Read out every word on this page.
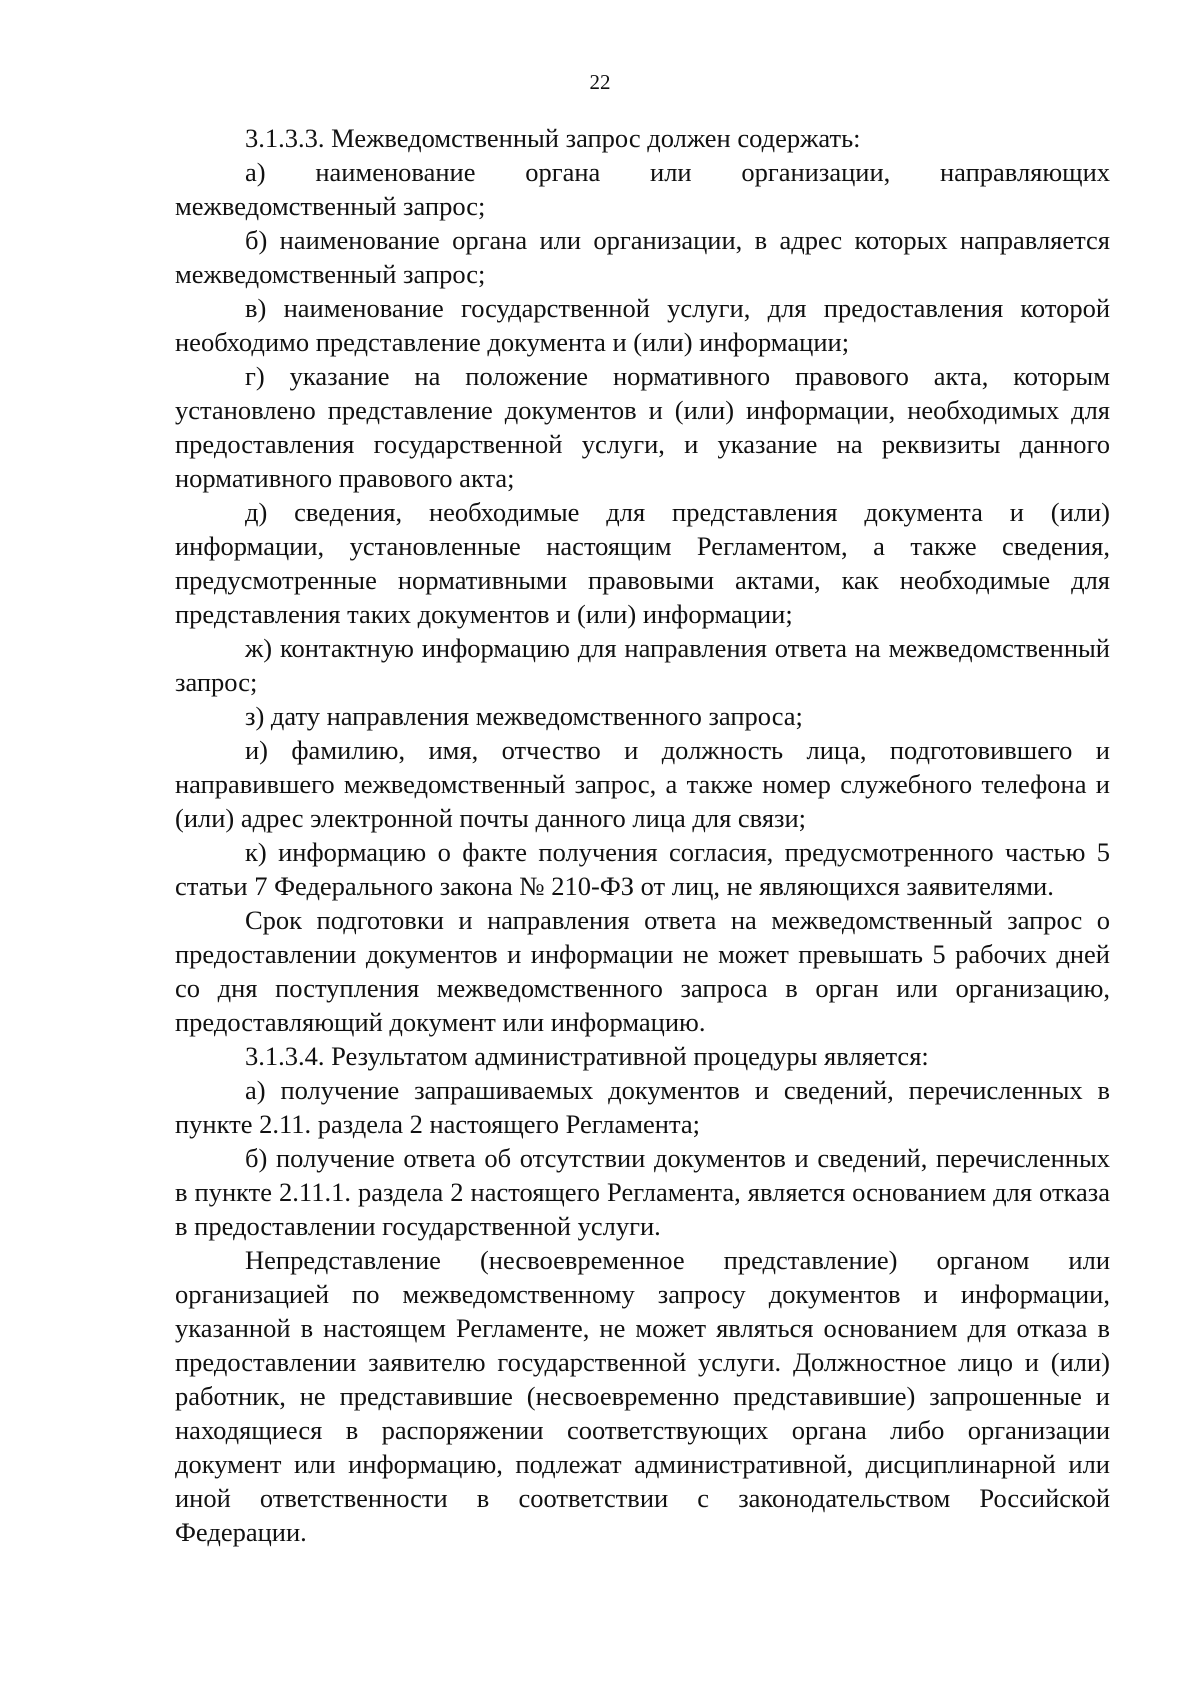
22

3.1.3.3. Межведомственный запрос должен содержать:

а) наименование органа или организации, направляющих межведомственный запрос;

б) наименование органа или организации, в адрес которых направляется межведомственный запрос;

в) наименование государственной услуги, для предоставления которой необходимо представление документа и (или) информации;

г) указание на положение нормативного правового акта, которым установлено представление документов и (или) информации, необходимых для предоставления государственной услуги, и указание на реквизиты данного нормативного правового акта;

д) сведения, необходимые для представления документа и (или) информации, установленные настоящим Регламентом, а также сведения, предусмотренные нормативными правовыми актами, как необходимые для представления таких документов и (или) информации;

ж) контактную информацию для направления ответа на межведомственный запрос;

з) дату направления межведомственного запроса;

и) фамилию, имя, отчество и должность лица, подготовившего и направившего межведомственный запрос, а также номер служебного телефона и (или) адрес электронной почты данного лица для связи;

к) информацию о факте получения согласия, предусмотренного частью 5 статьи 7 Федерального закона № 210-ФЗ от лиц, не являющихся заявителями.

Срок подготовки и направления ответа на межведомственный запрос о предоставлении документов и информации не может превышать 5 рабочих дней со дня поступления межведомственного запроса в орган или организацию, предоставляющий документ или информацию.

3.1.3.4. Результатом административной процедуры является:

а) получение запрашиваемых документов и сведений, перечисленных в пункте 2.11. раздела 2 настоящего Регламента;

б) получение ответа об отсутствии документов и сведений, перечисленных в пункте 2.11.1. раздела 2 настоящего Регламента, является основанием для отказа в предоставлении государственной услуги.

Непредставление (несвоевременное представление) органом или организацией по межведомственному запросу документов и информации, указанной в настоящем Регламенте, не может являться основанием для отказа в предоставлении заявителю государственной услуги. Должностное лицо и (или) работник, не представившие (несвоевременно представившие) запрошенные и находящиеся в распоряжении соответствующих органа либо организации документ или информацию, подлежат административной, дисциплинарной или иной ответственности в соответствии с законодательством Российской Федерации.
